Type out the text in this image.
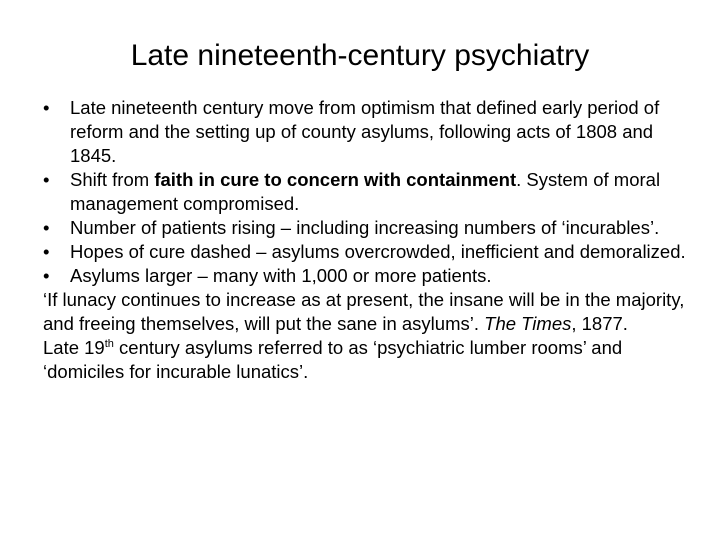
Late nineteenth-century psychiatry
•	Late nineteenth century move from optimism that defined early period of reform and the setting up of county asylums, following acts of 1808 and 1845.
•	Shift from faith in cure to concern with containment. System of moral management compromised.
•	Number of patients rising – including increasing numbers of ‘incurables’.
•	Hopes of cure dashed – asylums overcrowded, inefficient and demoralized.
•	Asylums larger – many with 1,000 or more patients.

‘If lunacy continues to increase as at present, the insane will be in the majority, and freeing themselves, will put the sane in asylums’. The Times, 1877.

Late 19th century asylums referred to as ‘psychiatric lumber rooms’ and ‘domiciles for incurable lunatics’.
